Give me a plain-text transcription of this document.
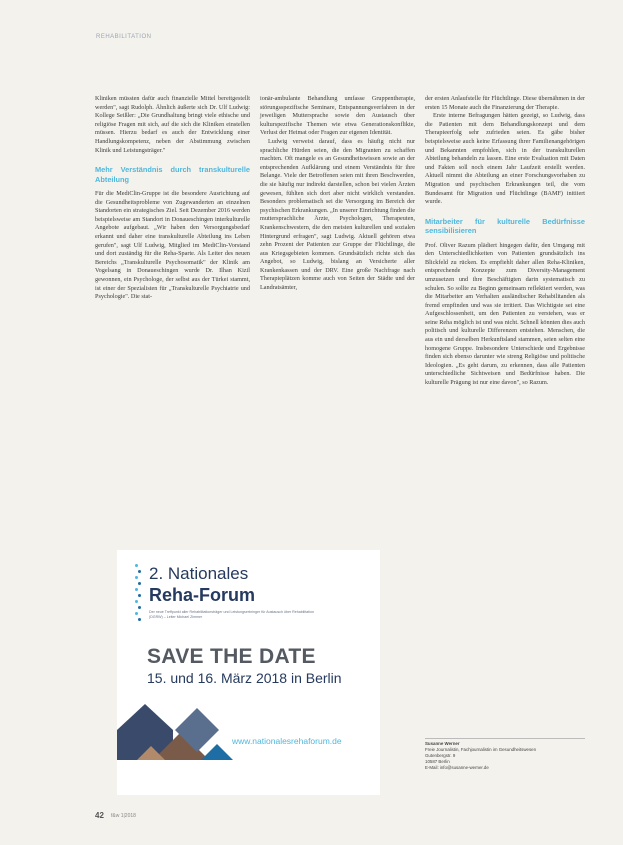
REHABILITATION

Kliniken müssten dafür auch finanzielle Mittel bereitgestellt werden", sagt Rudolph. Ähnlich äußerte sich Dr. Ulf Ludwig: Kollege Seißler: „Die Grundhaltung bringt viele ethische und religiöse Fragen mit sich, auf die sich die Kliniken einstellen müssen. Hierzu bedarf es auch der Entwicklung einer Handlungskompetenz, neben der Abstimmung zwischen Klinik und Leistungsträger."

Mehr Verständnis durch transkulturelle Abteilung

Für die MediClin-Gruppe ist die besondere Ausrichtung auf die Gesundheitsprobleme von Zugewanderten an einzelnen Standorten ein strategisches Ziel. Seit Dezember 2016 werden beispielsweise am Standort in Donaueschingen interkulturelle Angebote aufgebaut. „Wir haben den Versorgungsbedarf erkannt und daher eine transkulturelle Abteilung ins Leben gerufen", sagt Ulf Ludwig, Mitglied im MediClin-Vorstand und dort zuständig für die Reha-Sparte. Als Leiter des neuen Bereichs „Transkulturelle Psychosomatik" der Klinik am Vogelsang in Donaueschingen wurde Dr. Ilhan Kizil gewonnen, ein Psychologe, der selbst aus der Türkei stammt, ist einer der Spezialisten für „Transkulturelle Psychiatrie und Psychologie". Die stat-

ionär-ambulante Behandlung umfasse Gruppentherapie, störungsspezifische Seminare, Entspannungsverfahren in der jeweiligen Muttersprache sowie den Austausch über kulturspezifische Themen wie etwa Generationskonflikte, Verlust der Heimat oder Fragen zur eigenen Identität.

Ludwig verweist darauf, dass es häufig nicht nur sprachliche Hürden seien, die den Migranten zu schaffen machten. Oft mangele es an Gesundheitswissen sowie an der entsprechenden Aufklärung und einem Verständnis für ihre Belange. Viele der Betroffenen seien mit ihren Beschwerden, die sie häufig nur indirekt darstellen, schon bei vielen Ärzten gewesen, fühlten sich dort aber nicht wirklich verstanden. Besonders problematisch sei die Versorgung im Bereich der psychischen Erkrankungen. „In unserer Einrichtung finden die muttersprachliche Ärzte, Psychologen, Therapeuten, Krankenschwestern, die den meisten kulturellen und sozialen Hintergrund erfragen", sagt Ludwig. Aktuell gehören etwa zehn Prozent der Patienten zur Gruppe der Flüchtlinge, die aus Kriegsgebieten kommen. Grundsätzlich richte sich das Angebot, so Ludwig, bislang an Versicherte aller Krankenkassen und der DRV. Eine große Nachfrage nach Therapieplätzen komme auch von Seiten der Städte und der Landratsämter,

der ersten Anlaufstelle für Flüchtlinge. Diese übernähmen in der ersten 15 Monate auch die Finanzierung der Therapie.

Erste interne Befragungen hätten gezeigt, so Ludwig, dass die Patienten mit dem Behandlungskonzept und dem Therapieerfolg sehr zufrieden seien. Es gäbe bisher beispielsweise auch keine Erfassung ihrer Familienangehörigen und Bekannten empfohlen, sich in der transkulturellen Abteilung behandeln zu lassen. Eine erste Evaluation mit Daten und Fakten soll noch einem Jahr Laufzeit erstellt werden. Aktuell nimmt die Abteilung an einer Forschungsvorhaben zu Migration und psychischen Erkrankungen teil, die vom Bundesamt für Migration und Flüchtlinge (BAMF) initiiert wurde.

Mitarbeiter für kulturelle Bedürfnisse sensibilisieren

Prof. Oliver Razum plädiert hingegen dafür, den Umgang mit den Unterschiedlichkeiten von Patienten grundsätzlich ins Blickfeld zu rücken. Es empfiehlt daher allen Reha-Kliniken, entsprechende Konzepte zum Diversity-Management umzusetzen und ihre Beschäftigten darin systematisch zu schulen. So sollte zu Beginn gemeinsam reflektiert werden, was die Mitarbeiter am Verhalten ausländischer Rehabilitanden als fremd empfinden und was sie irritiert. Das Wichtigste sei eine Aufgeschlossenheit, um den Patienten zu verstehen, was er seine Reha möglich ist und was nicht. Schnell könnten dies auch politisch und kulturelle Differenzen entstehen. Menschen, die aus ein und derselben Herkunftsland stammen, seien selten eine homogene Gruppe. Insbesondere Unterschiede und Ergebnisse finden sich ebenso darunter wie streng Religiöse und politische Ideologien. „Es geht darum, zu erkennen, dass alle Patienten unterschiedliche Sichtweisen und Bedürfnisse haben. Die kulturelle Prägung ist nur eine davon", so Razum.

2. Nationales
Reha-Forum
Der neue Treffpunkt aller Rehabilitationsträger und Leistungserbringer für Austausch über Rehabilitation (DGRW) – Leiter Michael Zimmer
SAVE THE DATE
15. und 16. März 2018 in Berlin
www.nationalesrehaforum.de	Susanne Werner
Freie Journalistin, Fachjournalistin im Gesundheitswesen
Gutenbergstr. 9
10587 Berlin
E-Mail: info@susanne-werner.de
42 f&w 1|2018
